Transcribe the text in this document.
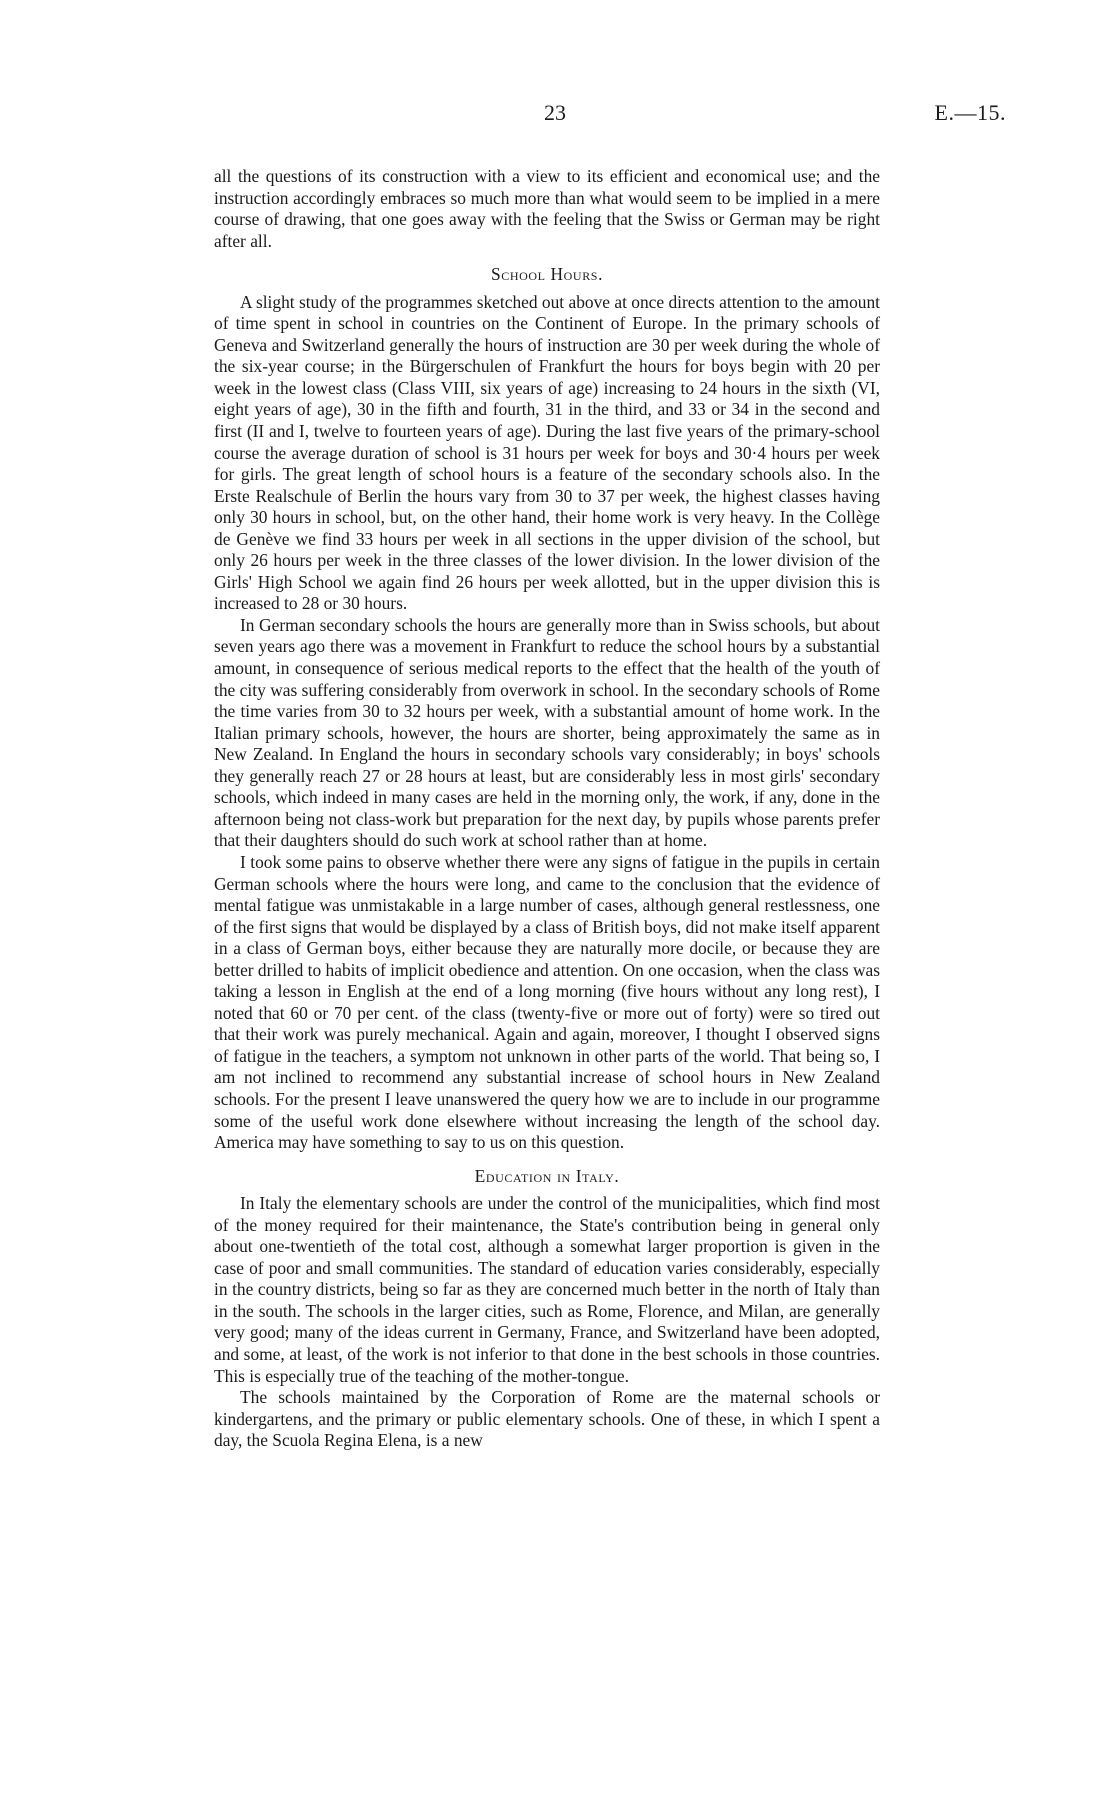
23	E.—15.

all the questions of its construction with a view to its efficient and economical use; and the instruction accordingly embraces so much more than what would seem to be implied in a mere course of drawing, that one goes away with the feeling that the Swiss or German may be right after all.

School Hours.

A slight study of the programmes sketched out above at once directs attention to the amount of time spent in school in countries on the Continent of Europe. In the primary schools of Geneva and Switzerland generally the hours of instruction are 30 per week during the whole of the six-year course; in the Bürgerschulen of Frankfurt the hours for boys begin with 20 per week in the lowest class (Class VIII, six years of age) increasing to 24 hours in the sixth (VI, eight years of age), 30 in the fifth and fourth, 31 in the third, and 33 or 34 in the second and first (II and I, twelve to fourteen years of age). During the last five years of the primary-school course the average duration of school is 31 hours per week for boys and 30·4 hours per week for girls. The great length of school hours is a feature of the secondary schools also. In the Erste Realschule of Berlin the hours vary from 30 to 37 per week, the highest classes having only 30 hours in school, but, on the other hand, their home work is very heavy. In the Collège de Genève we find 33 hours per week in all sections in the upper division of the school, but only 26 hours per week in the three classes of the lower division. In the lower division of the Girls' High School we again find 26 hours per week allotted, but in the upper division this is increased to 28 or 30 hours.

In German secondary schools the hours are generally more than in Swiss schools, but about seven years ago there was a movement in Frankfurt to reduce the school hours by a substantial amount, in consequence of serious medical reports to the effect that the health of the youth of the city was suffering considerably from overwork in school. In the secondary schools of Rome the time varies from 30 to 32 hours per week, with a substantial amount of home work. In the Italian primary schools, however, the hours are shorter, being approximately the same as in New Zealand. In England the hours in secondary schools vary considerably; in boys' schools they generally reach 27 or 28 hours at least, but are considerably less in most girls' secondary schools, which indeed in many cases are held in the morning only, the work, if any, done in the afternoon being not class-work but preparation for the next day, by pupils whose parents prefer that their daughters should do such work at school rather than at home.

I took some pains to observe whether there were any signs of fatigue in the pupils in certain German schools where the hours were long, and came to the conclusion that the evidence of mental fatigue was unmistakable in a large number of cases, although general restlessness, one of the first signs that would be displayed by a class of British boys, did not make itself apparent in a class of German boys, either because they are naturally more docile, or because they are better drilled to habits of implicit obedience and attention. On one occasion, when the class was taking a lesson in English at the end of a long morning (five hours without any long rest), I noted that 60 or 70 per cent. of the class (twenty-five or more out of forty) were so tired out that their work was purely mechanical. Again and again, moreover, I thought I observed signs of fatigue in the teachers, a symptom not unknown in other parts of the world. That being so, I am not inclined to recommend any substantial increase of school hours in New Zealand schools. For the present I leave unanswered the query how we are to include in our programme some of the useful work done elsewhere without increasing the length of the school day. America may have something to say to us on this question.

Education in Italy.

In Italy the elementary schools are under the control of the municipalities, which find most of the money required for their maintenance, the State's contribution being in general only about one-twentieth of the total cost, although a somewhat larger proportion is given in the case of poor and small communities. The standard of education varies considerably, especially in the country districts, being so far as they are concerned much better in the north of Italy than in the south. The schools in the larger cities, such as Rome, Florence, and Milan, are generally very good; many of the ideas current in Germany, France, and Switzerland have been adopted, and some, at least, of the work is not inferior to that done in the best schools in those countries. This is especially true of the teaching of the mother-tongue.

The schools maintained by the Corporation of Rome are the maternal schools or kindergartens, and the primary or public elementary schools. One of these, in which I spent a day, the Scuola Regina Elena, is a new
